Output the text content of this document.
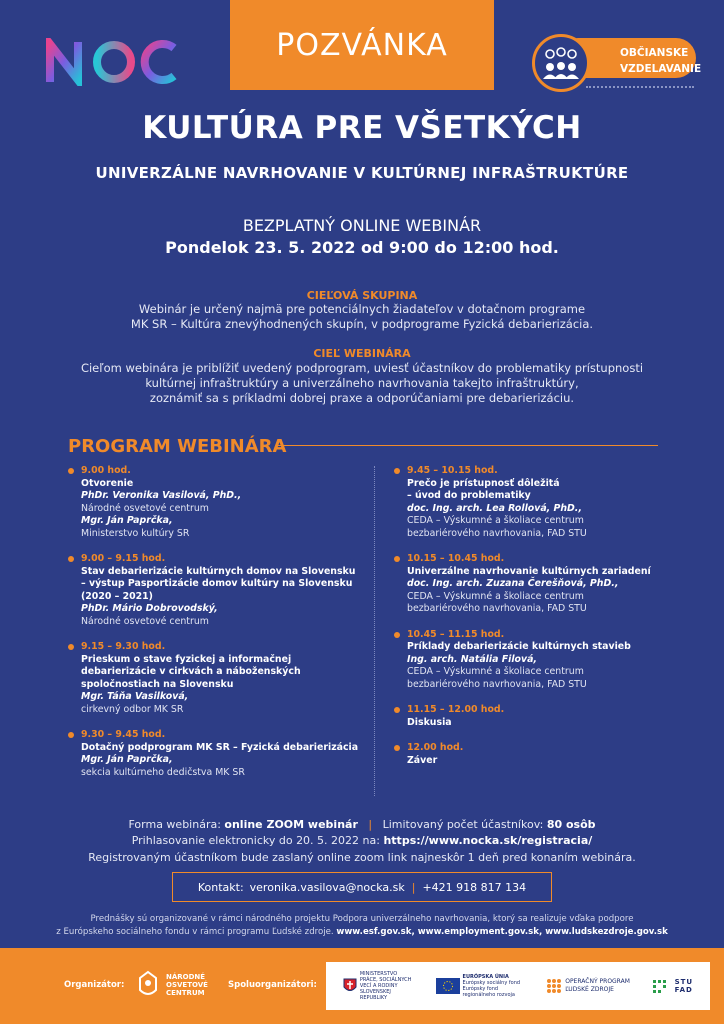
POZVÁNKA	OBČIANSKE
VZDELAVANIE
KULTÚRA PRE VŠETKÝCH
UNIVERZÁLNE NAVRHOVANIE V KULTÚRNEJ INFRAŠTRUKTÚRE
BEZPLATNÝ ONLINE WEBINÁR
Pondelok 23. 5. 2022 od 9:00 do 12:00 hod.
CIEĽOVÁ SKUPINA
Webinár je určený najmä pre potenciálnych žiadateľov v dotačnom programe
MK SR – Kultúra znevýhodnených skupín, v podprograme Fyzická debarierizácia.
CIEĽ WEBINÁRA
Cieľom webinára je priblížiť uvedený podprogram, uviesť účastníkov do problematiky prístupnosti
kultúrnej infraštruktúry a univerzálneho navrhovania takejto infraštruktúry,
zoznámiť sa s príkladmi dobrej praxe a odporúčaniami pre debarierizáciu.
PROGRAM WEBINÁRA
9.00 hod.
Otvorenie
PhDr. Veronika Vasilová, PhD.,
Národné osvetové centrum
Mgr. Ján Paprčka,
Ministerstvo kultúry SR
9.00 – 9.15 hod.
Stav debarierizácie kultúrnych domov na Slovensku
– výstup Pasportizácie domov kultúry na Slovensku
(2020 – 2021)
PhDr. Mário Dobrovodský,
Národné osvetové centrum
9.15 – 9.30 hod.
Prieskum o stave fyzickej a informačnej
debarierizácie v cirkvách a náboženských
spoločnostiach na Slovensku
Mgr. Táňa Vasilková,
cirkevný odbor MK SR
9.30 – 9.45 hod.
Dotačný podprogram MK SR – Fyzická debarierizácia
Mgr. Ján Paprčka,
sekcia kultúrneho dedičstva MK SR
9.45 – 10.15 hod.
Prečo je prístupnosť dôležitá
– úvod do problematiky
doc. Ing. arch. Lea Rollová, PhD.,
CEDA – Výskumné a školiace centrum
bezbariérového navrhovania, FAD STU
10.15 – 10.45 hod.
Univerzálne navrhovanie kultúrnych zariadení
doc. Ing. arch. Zuzana Čerešňová, PhD.,
CEDA – Výskumné a školiace centrum
bezbariérového navrhovania, FAD STU
10.45 – 11.15 hod.
Príklady debarierizácie kultúrnych stavieb
Ing. arch. Natália Filová,
CEDA – Výskumné a školiace centrum
bezbariérového navrhovania, FAD STU
11.15 – 12.00 hod.
Diskusia
12.00 hod.
Záver
Forma webinára: online ZOOM webinár | Limitovaný počet účastníkov: 80 osôb
Prihlasovanie elektronicky do 20. 5. 2022 na: https://www.nocka.sk/registracia/
Registrovaným účastníkom bude zaslaný online zoom link najneskôr 1 deň pred konaním webinára.
Kontakt: veronika.vasilova@nocka.sk | +421 918 817 134
Prednášky sú organizované v rámci národného projektu Podpora univerzálneho navrhovania, ktorý sa realizuje vďaka podpore
z Európskeho sociálneho fondu v rámci programu Ľudské zdroje. www.esf.gov.sk, www.employment.gov.sk, www.ludskezdroje.gov.sk
Organizátor:
NÁRODNÉ
OSVETOVÉ
CENTRUM
Spoluorganizátori:
MINISTERSTVO PRÁCE, SOCIÁLNYCH VECÍ A RODINY SLOVENSKEJ REPUBLIKY
EURÓPSKA ÚNIA
Európsky sociálny fond
Európsky fond regionálneho rozvoja
OPERAČNÝ PROGRAM
ĽUDSKÉ ZDROJE
STU
FAD
